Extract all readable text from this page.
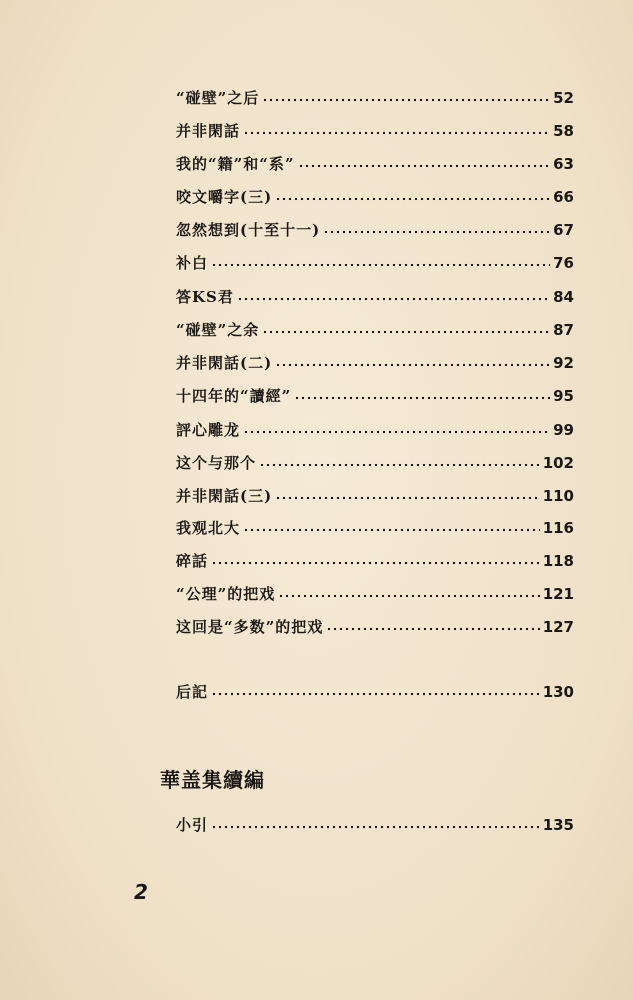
“碰壁”之后	52
并非閑話	58
我的“籍”和“系”	63
咬文嚼字(三)	66
忽然想到(十至十一)	67
补白	76
答KS君	84
“碰壁”之余	87
并非閑話(二)	92
十四年的“讀經”	95
評心雕龙	99
这个与那个	102
并非閑話(三)	110
我观北大	116
碎話	118
“公理”的把戏	121
这回是“多数”的把戏	127
后記	130
華盖集續編
小引	135
2
